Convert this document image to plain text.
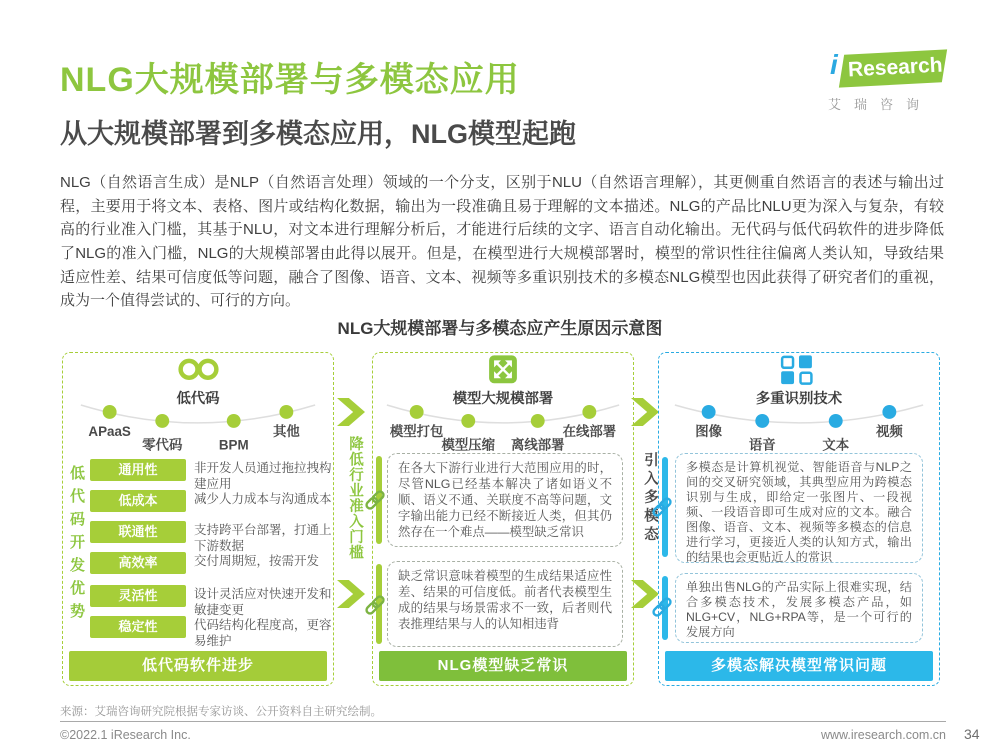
NLG大规模部署与多模态应用	i Research
艾瑞咨询
从大规模部署到多模态应用，NLG模型起跑

NLG（自然语言生成）是NLP（自然语言处理）领域的一个分支，区别于NLU（自然语言理解），其更侧重自然语言的表述与输出过程，主要用于将文本、表格、图片或结构化数据，输出为一段准确且易于理解的文本描述。NLG的产品比NLU更为深入与复杂，有较高的行业准入门槛，其基于NLU，对文本进行理解分析后，才能进行后续的文字、语言自动化输出。无代码与低代码软件的进步降低了NLG的准入门槛，NLG的大规模部署由此得以展开。但是，在模型进行大规模部署时，模型的常识性往往偏离人类认知，导致结果适应性差、结果可信度低等问题，融合了图像、语音、文本、视频等多重识别技术的多模态NLG模型也因此获得了研究者们的重视，成为一个值得尝试的、可行的方向。

NLG大规模部署与多模态应产生原因示意图
低代码
APaaS
零代码	BPM
其他
低代码开发优势	通用性	非开发人员通过拖拉拽构建应用
低成本	减少人力成本与沟通成本
联通性	支持跨平台部署，打通上下游数据
高效率	交付周期短，按需开发
灵活性	设计灵活应对快速开发和敏捷变更
稳定性	代码结构化程度高，更容易维护
低代码软件进步
降低行业准入门槛
模型大规模部署
模型打包
模型压缩 离线部署
在线部署
在各大下游行业进行大范围应用的时，尽管NLG已经基本解决了诸如语义不顺、语义不通、关联度不高等问题，文字输出能力已经不断接近人类，但其仍然存在一个难点——模型缺乏常识
缺乏常识意味着模型的生成结果适应性差、结果的可信度低。前者代表模型生成的结果与场景需求不一致，后者则代表推理结果与人的认知相违背
NLG模型缺乏常识
引入多模态
多重识别技术
图像
语音	文本
视频
多模态是计算机视觉、智能语音与NLP之间的交叉研究领域，其典型应用为跨模态识别与生成，即给定一张图片、一段视频、一段语音即可生成对应的文本。融合图像、语音、文本、视频等多模态的信息进行学习，更接近人类的认知方式，输出的结果也会更贴近人的常识
单独出售NLG的产品实际上很难实现，结合多模态技术，发展多模态产品，如NLG+CV，NLG+RPA等，是一个可行的发展方向
多模态解决模型常识问题
来源：艾瑞咨询研究院根据专家访谈、公开资料自主研究绘制。
©2022.1 iResearch Inc.	www.iresearch.com.cn 34
